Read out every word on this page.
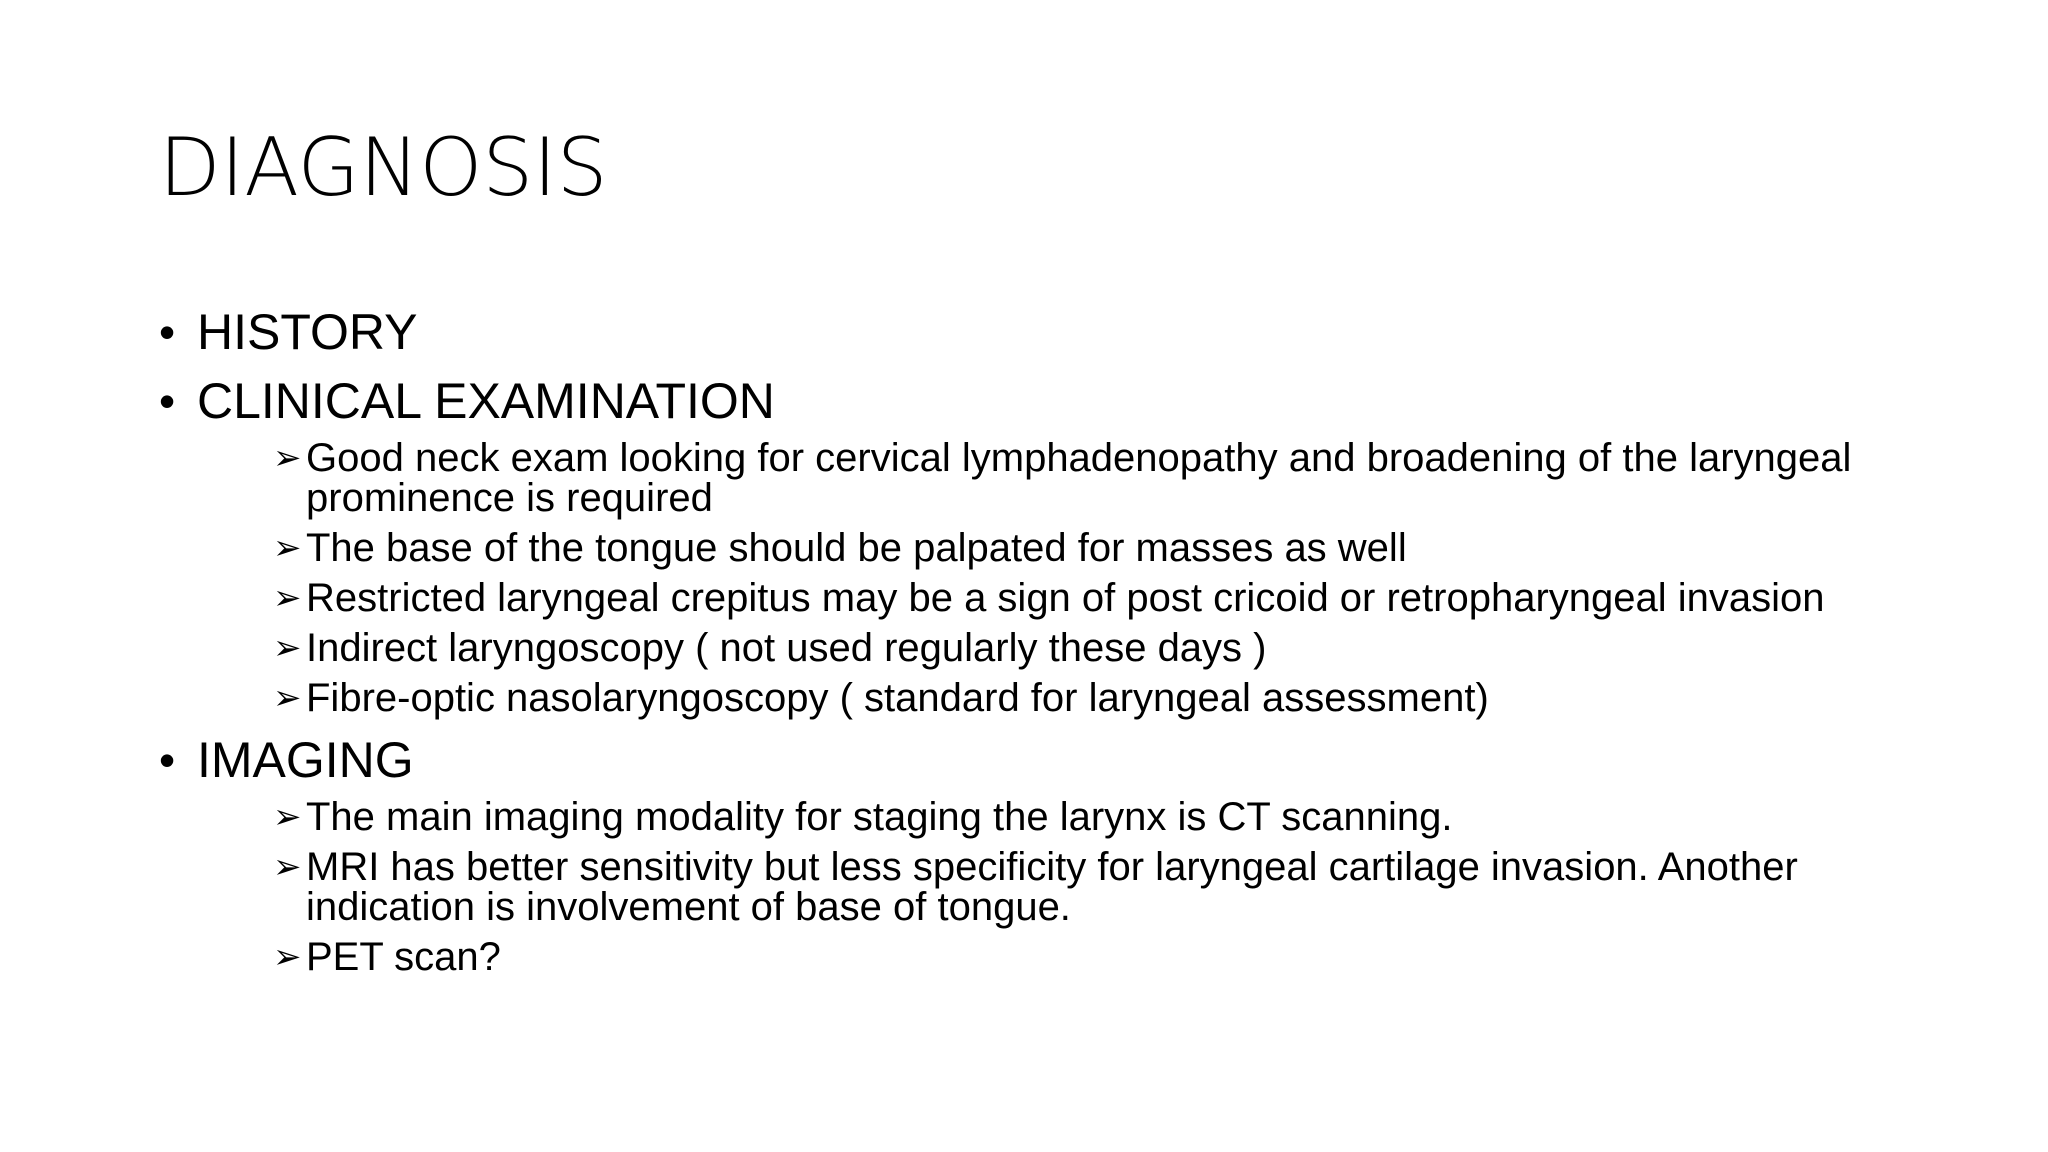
DIAGNOSIS
• HISTORY
• CLINICAL EXAMINATION
➢ Good neck exam looking for cervical lymphadenopathy and broadening of the laryngeal prominence is required
➢ The base of the tongue should be palpated for masses as well
➢ Restricted laryngeal crepitus may be a sign of post cricoid or retropharyngeal invasion
➢ Indirect laryngoscopy ( not used regularly these days )
➢ Fibre-optic nasolaryngoscopy ( standard for laryngeal assessment)
• IMAGING
➢ The main imaging modality for staging the larynx is CT scanning.
➢ MRI has better sensitivity but less specificity for laryngeal cartilage invasion. Another indication is involvement of base of tongue.
➢ PET scan?
